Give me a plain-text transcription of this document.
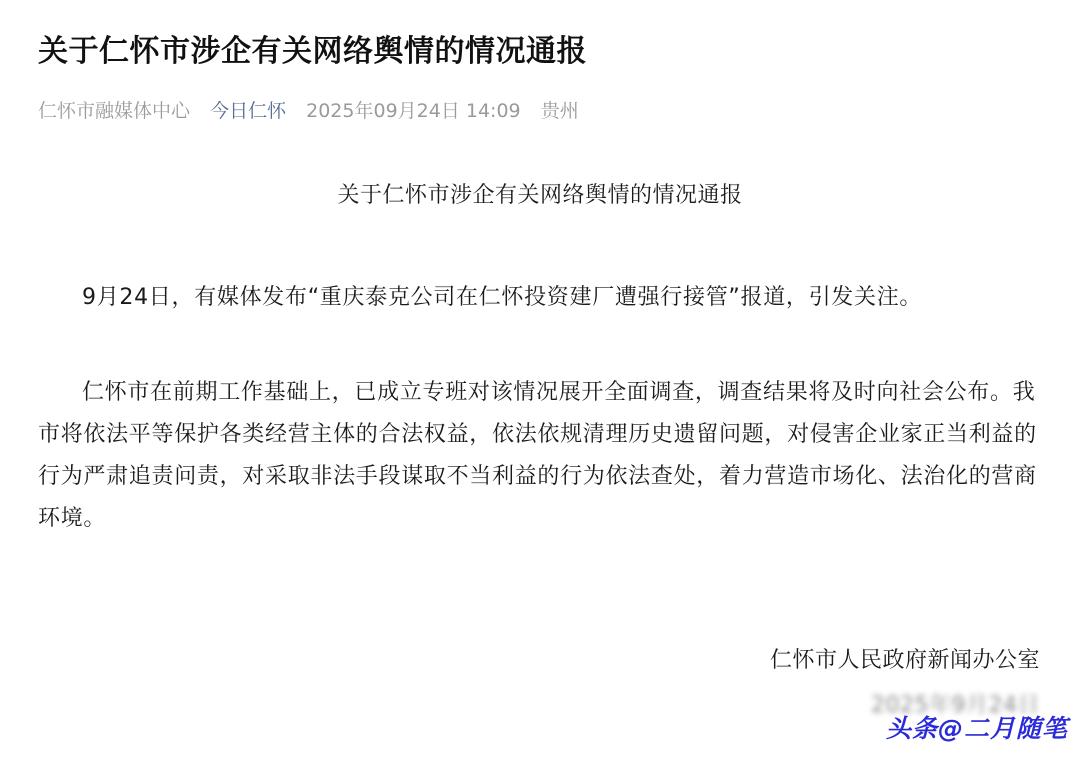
关于仁怀市涉企有关网络舆情的情况通报
仁怀市融媒体中心 今日仁怀 2025年09月24日 14:09 贵州
关于仁怀市涉企有关网络舆情的情况通报

9月24日，有媒体发布“重庆泰克公司在仁怀投资建厂遭强行接管”报道，引发关注。

仁怀市在前期工作基础上，已成立专班对该情况展开全面调查，调查结果将及时向社会公布。我市将依法平等保护各类经营主体的合法权益，依法依规清理历史遗留问题，对侵害企业家正当利益的行为严肃追责问责，对采取非法手段谋取不当利益的行为依法查处，着力营造市场化、法治化的营商环境。

仁怀市人民政府新闻办公室
2025年9月24日
头条@二月随笔
